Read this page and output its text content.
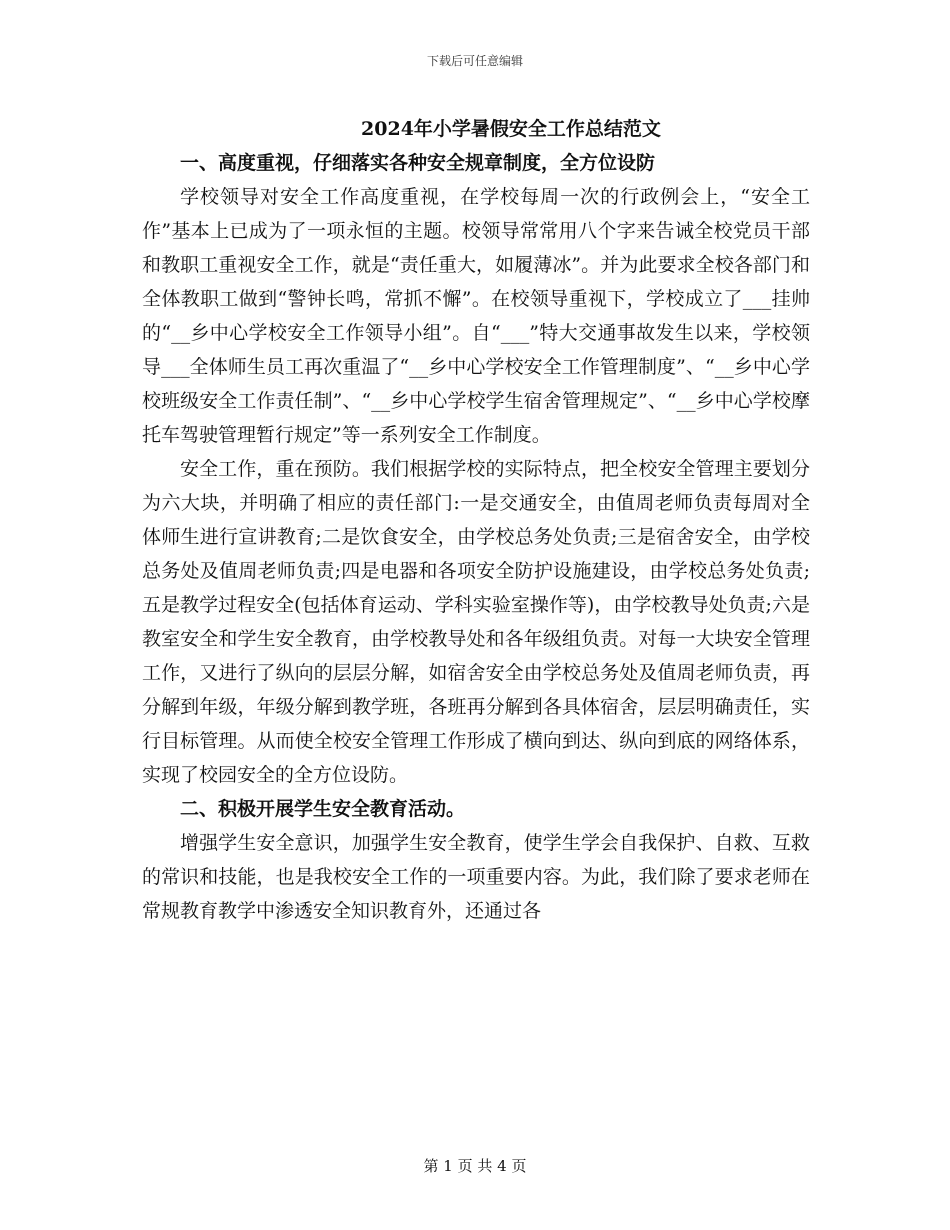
下载后可任意编辑
2024年小学暑假安全工作总结范文
一、高度重视，仔细落实各种安全规章制度，全方位设防

学校领导对安全工作高度重视，在学校每周一次的行政例会上，“安全工作”基本上已成为了一项永恒的主题。校领导常常用八个字来告诫全校党员干部和教职工重视安全工作，就是“责任重大，如履薄冰”。并为此要求全校各部门和全体教职工做到“警钟长鸣，常抓不懈”。在校领导重视下，学校成立了___挂帅的“__乡中心学校安全工作领导小组”。自“___”特大交通事故发生以来，学校领导___全体师生员工再次重温了“__乡中心学校安全工作管理制度”、“__乡中心学校班级安全工作责任制”、“__乡中心学校学生宿舍管理规定”、“__乡中心学校摩托车驾驶管理暂行规定”等一系列安全工作制度。

安全工作，重在预防。我们根据学校的实际特点，把全校安全管理主要划分为六大块，并明确了相应的责任部门:一是交通安全，由值周老师负责每周对全体师生进行宣讲教育;二是饮食安全，由学校总务处负责;三是宿舍安全，由学校总务处及值周老师负责;四是电器和各项安全防护设施建设，由学校总务处负责;五是教学过程安全(包括体育运动、学科实验室操作等)，由学校教导处负责;六是教室安全和学生安全教育，由学校教导处和各年级组负责。对每一大块安全管理工作，又进行了纵向的层层分解，如宿舍安全由学校总务处及值周老师负责，再分解到年级，年级分解到教学班，各班再分解到各具体宿舍，层层明确责任，实行目标管理。从而使全校安全管理工作形成了横向到达、纵向到底的网络体系，实现了校园安全的全方位设防。

二、积极开展学生安全教育活动。

增强学生安全意识，加强学生安全教育，使学生学会自我保护、自救、互救的常识和技能，也是我校安全工作的一项重要内容。为此，我们除了要求老师在常规教育教学中渗透安全知识教育外，还通过各

第 1 页 共 4 页
